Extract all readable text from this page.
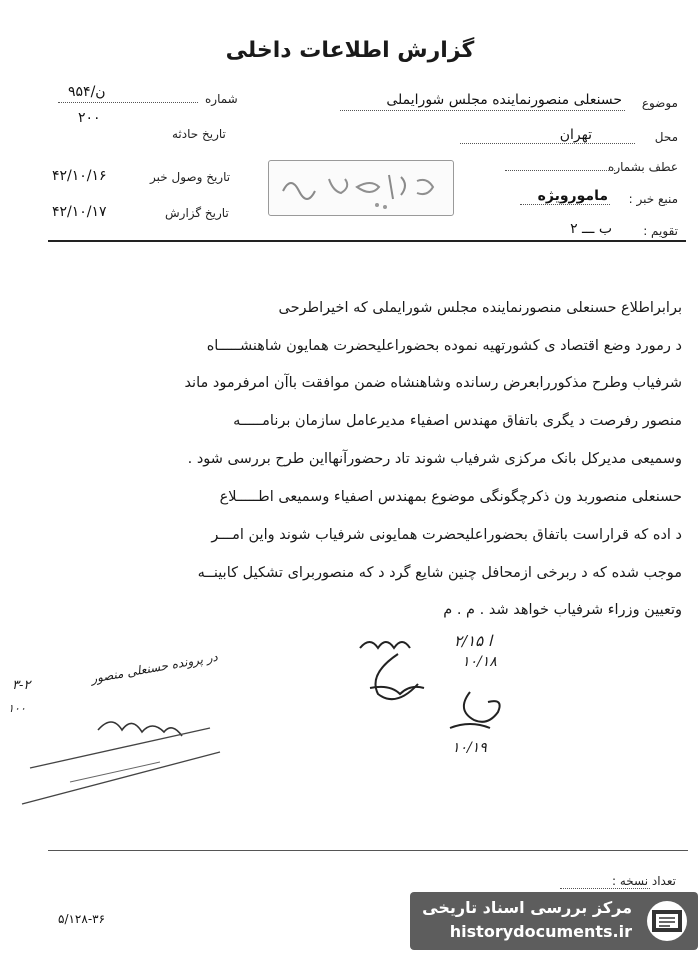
گزارش اطلاعات داخلی
موضوع
حسنعلی منصورنماینده مجلس شورایملی
محل
تهران
عطف بشماره
منبع خبر :
مامورویژه
تقویم :
ب ـــ ۲
شماره
ن/۹۵۴
۲۰۰
تاریخ حادثه
تاریخ وصول خبر
۴۲/۱۰/۱۶
تاریخ گزارش
۴۲/۱۰/۱۷
برابراطلاع حسنعلی منصورنماینده مجلس شورایملی که اخیراطرحی
د رمورد وضع اقتصاد ی کشورتهیه نموده بحضوراعلیحضرت همایون شاهنشـــــاه
شرفیاب وطرح مذکوررابعرض رسانده وشاهنشاه ضمن موافقت باآن امرفرمود ماند
منصور رفرصت د یگری باتفاق مهندس اصفیاء مدیرعامل سازمان برنامـــــه
وسمیعی مدیرکل بانک مرکزی شرفیاب شوند تاد رحضورآنهااین طرح بررسی شود .
حسنعلی منصوربد ون ذکرچگونگی موضوع بمهندس اصفیاء وسمیعی اطـــــلاع
د اده که قراراست باتفاق بحضوراعلیحضرت همایونی شرفیاب شوند واین امـــر
موجب شده که د ربرخی ازمحافل چنین شایع گرد د که منصوربرای تشکیل کابینــه
وتعیین وزراء شرفیاب خواهد شد . م . م
ا ۲/۱۵
۱۰/۱۸
۱۰/۱۹
در پرونده حسنعلی منصور
۳-۲
۱۰۰
تعداد نسخه :
۵/۱۲۸-۳۶
مرکز بررسی اسناد تاریخی
historydocuments.ir
